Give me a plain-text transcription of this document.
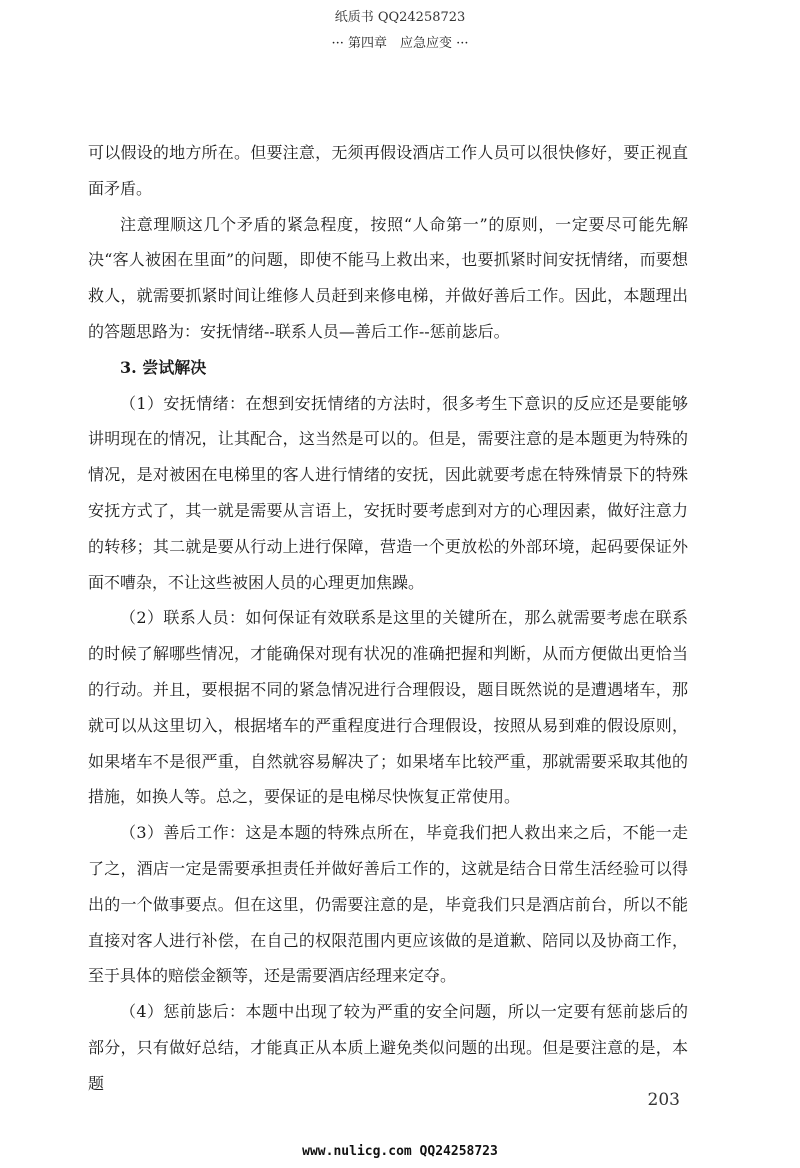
纸质书 QQ24258723
··· 第四章　应急应变 ···

可以假设的地方所在。但要注意，无须再假设酒店工作人员可以很快修好，要正视直面矛盾。

注意理顺这几个矛盾的紧急程度，按照“人命第一”的原则，一定要尽可能先解决“客人被困在里面”的问题，即使不能马上救出来，也要抓紧时间安抚情绪，而要想救人，就需要抓紧时间让维修人员赶到来修电梯，并做好善后工作。因此，本题理出的答题思路为：安抚情绪--联系人员—善后工作--惩前毖后。

3. 尝试解决

（1）安抚情绪：在想到安抚情绪的方法时，很多考生下意识的反应还是要能够讲明现在的情况，让其配合，这当然是可以的。但是，需要注意的是本题更为特殊的情况，是对被困在电梯里的客人进行情绪的安抚，因此就要考虑在特殊情景下的特殊安抚方式了，其一就是需要从言语上，安抚时要考虑到对方的心理因素，做好注意力的转移；其二就是要从行动上进行保障，营造一个更放松的外部环境，起码要保证外面不嘈杂，不让这些被困人员的心理更加焦躁。

（2）联系人员：如何保证有效联系是这里的关键所在，那么就需要考虑在联系的时候了解哪些情况，才能确保对现有状况的准确把握和判断，从而方便做出更恰当的行动。并且，要根据不同的紧急情况进行合理假设，题目既然说的是遭遇堵车，那就可以从这里切入，根据堵车的严重程度进行合理假设，按照从易到难的假设原则，如果堵车不是很严重，自然就容易解决了；如果堵车比较严重，那就需要采取其他的措施，如换人等。总之，要保证的是电梯尽快恢复正常使用。

（3）善后工作：这是本题的特殊点所在，毕竟我们把人救出来之后，不能一走了之，酒店一定是需要承担责任并做好善后工作的，这就是结合日常生活经验可以得出的一个做事要点。但在这里，仍需要注意的是，毕竟我们只是酒店前台，所以不能直接对客人进行补偿，在自己的权限范围内更应该做的是道歉、陪同以及协商工作，至于具体的赔偿金额等，还是需要酒店经理来定夺。

（4）惩前毖后：本题中出现了较为严重的安全问题，所以一定要有惩前毖后的部分，只有做好总结，才能真正从本质上避免类似问题的出现。但是要注意的是，本题

203
www.nulicg.com QQ24258723
